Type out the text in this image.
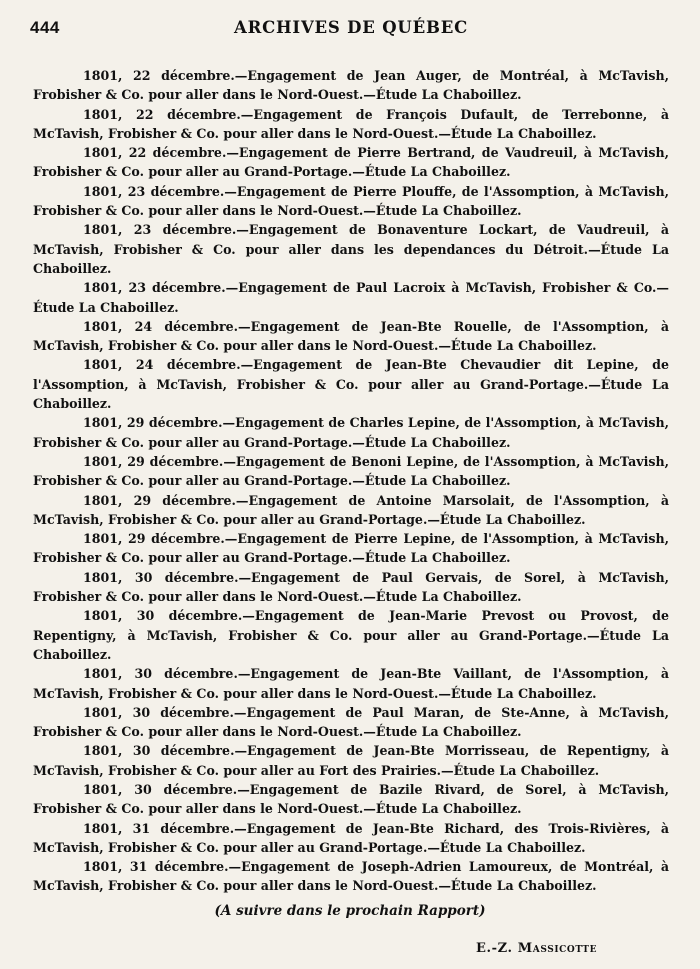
444	ARCHIVES DE QUÉBEC

1801, 22 décembre.—Engagement de Jean Auger, de Montréal, à McTavish, Frobisher & Co. pour aller dans le Nord-Ouest.—Étude La Chaboillez.

1801, 22 décembre.—Engagement de François Dufault, de Terrebonne, à McTavish, Frobisher & Co. pour aller dans le Nord-Ouest.—Étude La Chaboillez.

1801, 22 décembre.—Engagement de Pierre Bertrand, de Vaudreuil, à McTavish, Frobisher & Co. pour aller au Grand-Portage.—Étude La Chaboillez.

1801, 23 décembre.—Engagement de Pierre Plouffe, de l'Assomption, à McTavish, Frobisher & Co. pour aller dans le Nord-Ouest.—Étude La Chaboillez.

1801, 23 décembre.—Engagement de Bonaventure Lockart, de Vaudreuil, à McTavish, Frobisher & Co. pour aller dans les dependances du Détroit.—Étude La Chaboillez.

1801, 23 décembre.—Engagement de Paul Lacroix à McTavish, Frobisher & Co.—Étude La Chaboillez.

1801, 24 décembre.—Engagement de Jean-Bte Rouelle, de l'Assomption, à McTavish, Frobisher & Co. pour aller dans le Nord-Ouest.—Étude La Chaboillez.

1801, 24 décembre.—Engagement de Jean-Bte Chevaudier dit Lepine, de l'Assomption, à McTavish, Frobisher & Co. pour aller au Grand-Portage.—Étude La Chaboillez.

1801, 29 décembre.—Engagement de Charles Lepine, de l'Assomption, à McTavish, Frobisher & Co. pour aller au Grand-Portage.—Étude La Chaboillez.

1801, 29 décembre.—Engagement de Benoni Lepine, de l'Assomption, à McTavish, Frobisher & Co. pour aller au Grand-Portage.—Étude La Chaboillez.

1801, 29 décembre.—Engagement de Antoine Marsolait, de l'Assomption, à McTavish, Frobisher & Co. pour aller au Grand-Portage.—Étude La Chaboillez.

1801, 29 décembre.—Engagement de Pierre Lepine, de l'Assomption, à McTavish, Frobisher & Co. pour aller au Grand-Portage.—Étude La Chaboillez.

1801, 30 décembre.—Engagement de Paul Gervais, de Sorel, à McTavish, Frobisher & Co. pour aller dans le Nord-Ouest.—Étude La Chaboillez.

1801, 30 décembre.—Engagement de Jean-Marie Prevost ou Provost, de Repentigny, à McTavish, Frobisher & Co. pour aller au Grand-Portage.—Étude La Chaboillez.

1801, 30 décembre.—Engagement de Jean-Bte Vaillant, de l'Assomption, à McTavish, Frobisher & Co. pour aller dans le Nord-Ouest.—Étude La Chaboillez.

1801, 30 décembre.—Engagement de Paul Maran, de Ste-Anne, à McTavish, Frobisher & Co. pour aller dans le Nord-Ouest.—Étude La Chaboillez.

1801, 30 décembre.—Engagement de Jean-Bte Morrisseau, de Repentigny, à McTavish, Frobisher & Co. pour aller au Fort des Prairies.—Étude La Chaboillez.

1801, 30 décembre.—Engagement de Bazile Rivard, de Sorel, à McTavish, Frobisher & Co. pour aller dans le Nord-Ouest.—Étude La Chaboillez.

1801, 31 décembre.—Engagement de Jean-Bte Richard, des Trois-Rivières, à McTavish, Frobisher & Co. pour aller au Grand-Portage.—Étude La Chaboillez.

1801, 31 décembre.—Engagement de Joseph-Adrien Lamoureux, de Montréal, à McTavish, Frobisher & Co. pour aller dans le Nord-Ouest.—Étude La Chaboillez.

(A suivre dans le prochain Rapport)
E.-Z. Massicotte
